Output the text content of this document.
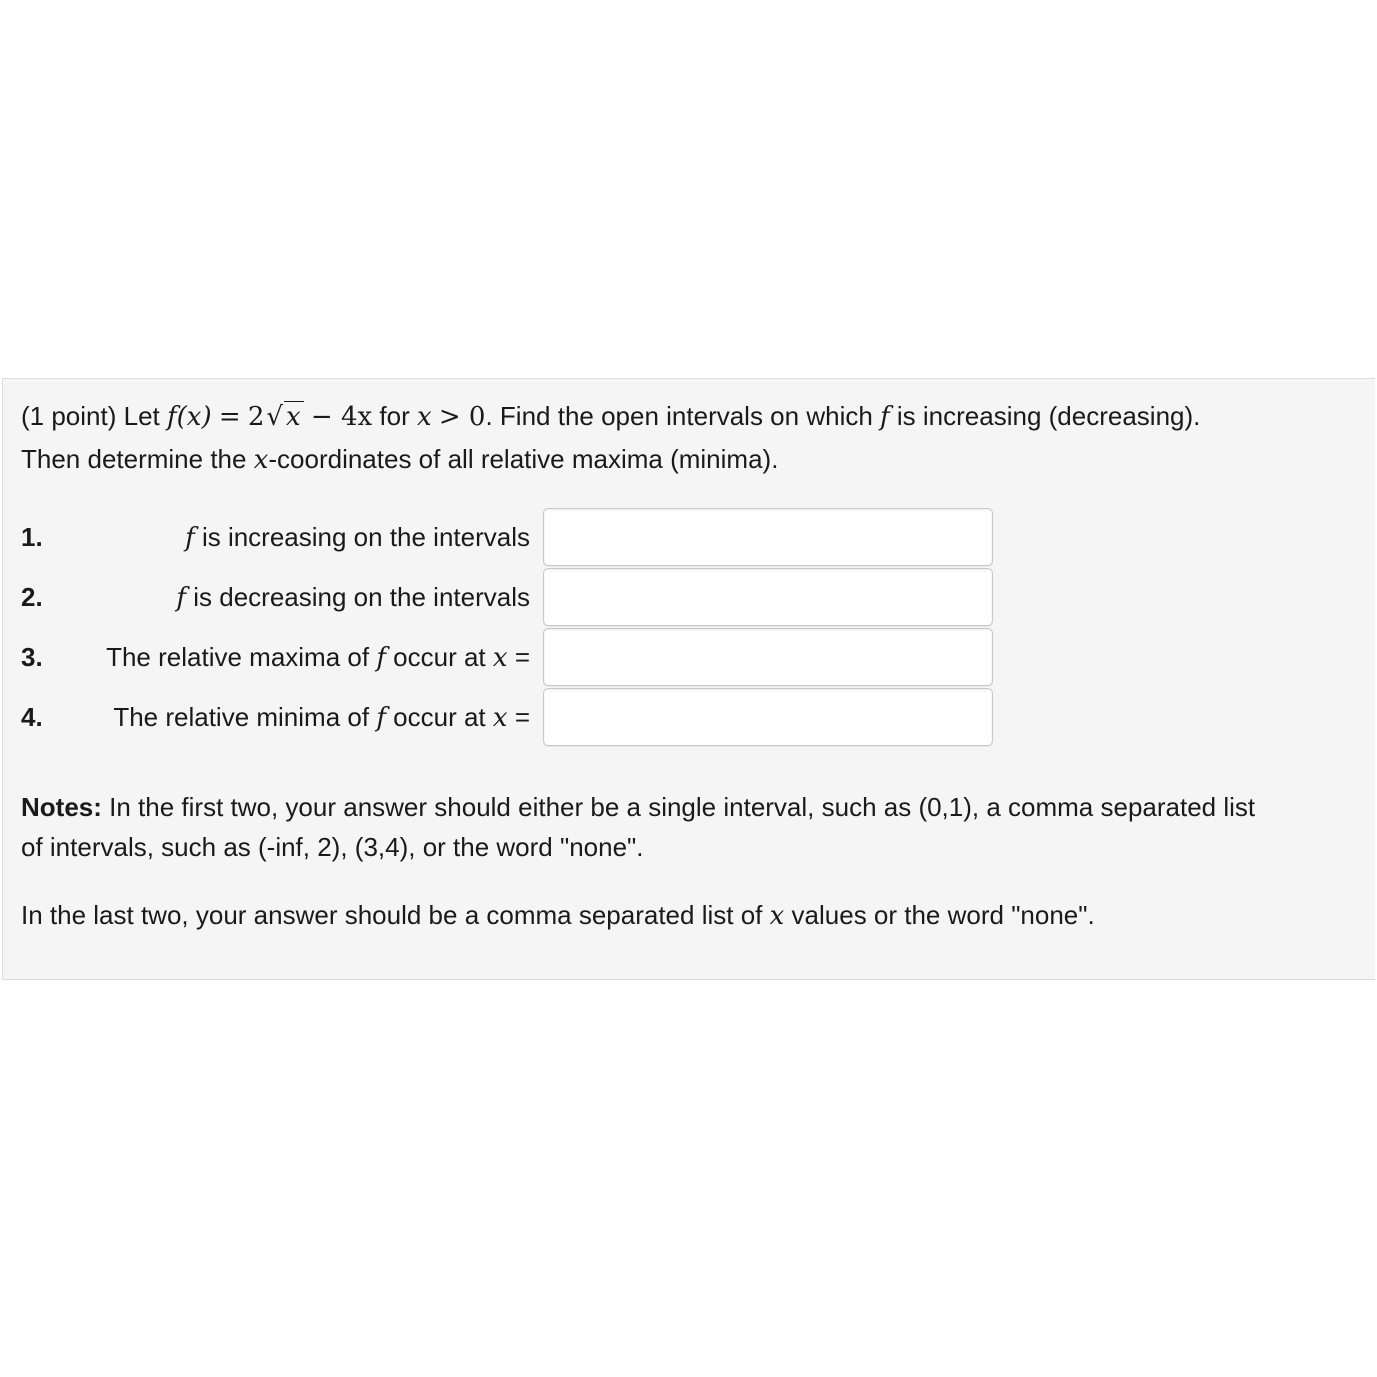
(1 point) Let f(x) = 2√ x − 4x for x > 0. Find the open intervals on which f is increasing (decreasing).
Then determine the x-coordinates of all relative maxima (minima).
1.	f is increasing on the intervals
2.	f is decreasing on the intervals
3. The relative maxima of f occur at x =
4.	The relative minima of f occur at x =
Notes: In the first two, your answer should either be a single interval, such as (0,1), a comma separated list
of intervals, such as (-inf, 2), (3,4), or the word "none".
In the last two, your answer should be a comma separated list of x values or the word "none".
